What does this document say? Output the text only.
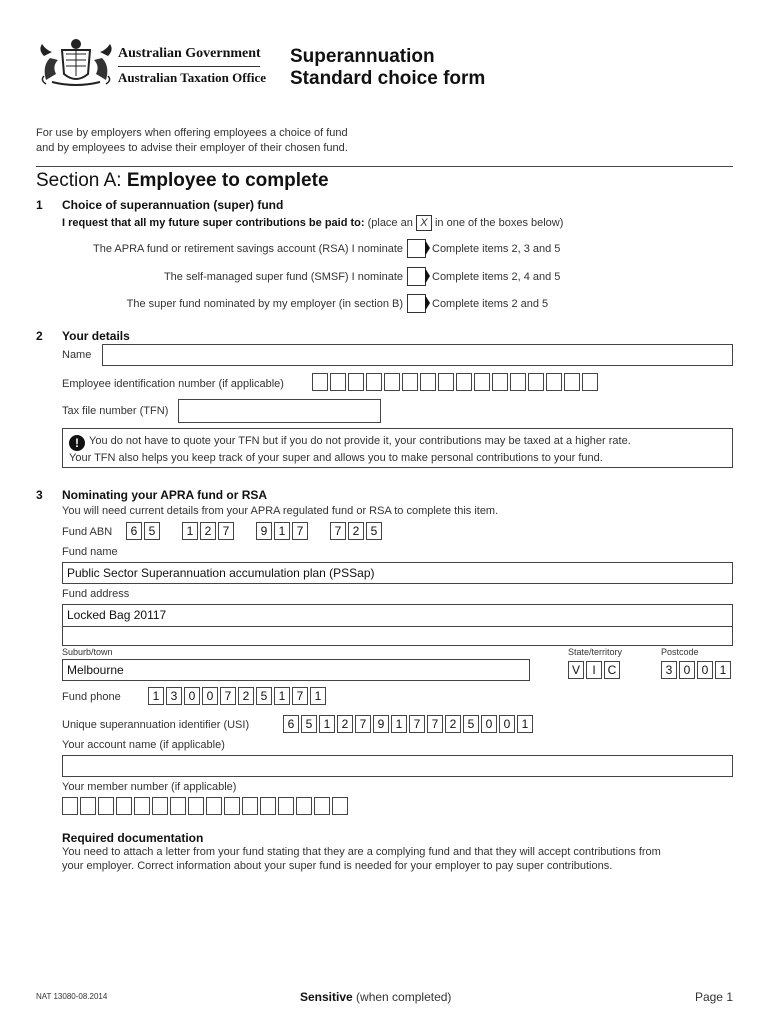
Australian Government
Australian Taxation Office
Superannuation
Standard choice form
For use by employers when offering employees a choice of fund
and by employees to advise their employer of their chosen fund.
Section A: Employee to complete
1 Choice of superannuation (super) fund
I request that all my future super contributions be paid to: (place an X in one of the boxes below)
The APRA fund or retirement savings account (RSA) I nominate	Complete items 2, 3 and 5
The self-managed super fund (SMSF) I nominate	Complete items 2, 4 and 5
The super fund nominated by my employer (in section B)	Complete items 2 and 5
2 Your details
Name
Employee identification number (if applicable)
Tax file number (TFN)
! You do not have to quote your TFN but if you do not provide it, your contributions may be taxed at a higher rate.
Your TFN also helps you keep track of your super and allows you to make personal contributions to your fund.
3 Nominating your APRA fund or RSA
You will need current details from your APRA regulated fund or RSA to complete this item.
Fund ABN	6 5	1 2 7	9 1 7	7 2 5
Fund name
Public Sector Superannuation accumulation plan (PSSap)
Fund address
Locked Bag 20117
Suburb/town
Melbourne
State/territory
V	I C
Postcode
3 0 0 1
Fund phone	1 3 0 0 7 2 5 1 7 1
Unique superannuation identifier (USI)	6 5 1 2 7 9 1 7 7 2 5 0 0 1
Your account name (if applicable)
Your member number (if applicable)
Required documentation
You need to attach a letter from your fund stating that they are a complying fund and that they will accept contributions from
your employer. Correct information about your super fund is needed for your employer to pay super contributions.
NAT 13080-08.2014	Sensitive (when completed)	Page 1
